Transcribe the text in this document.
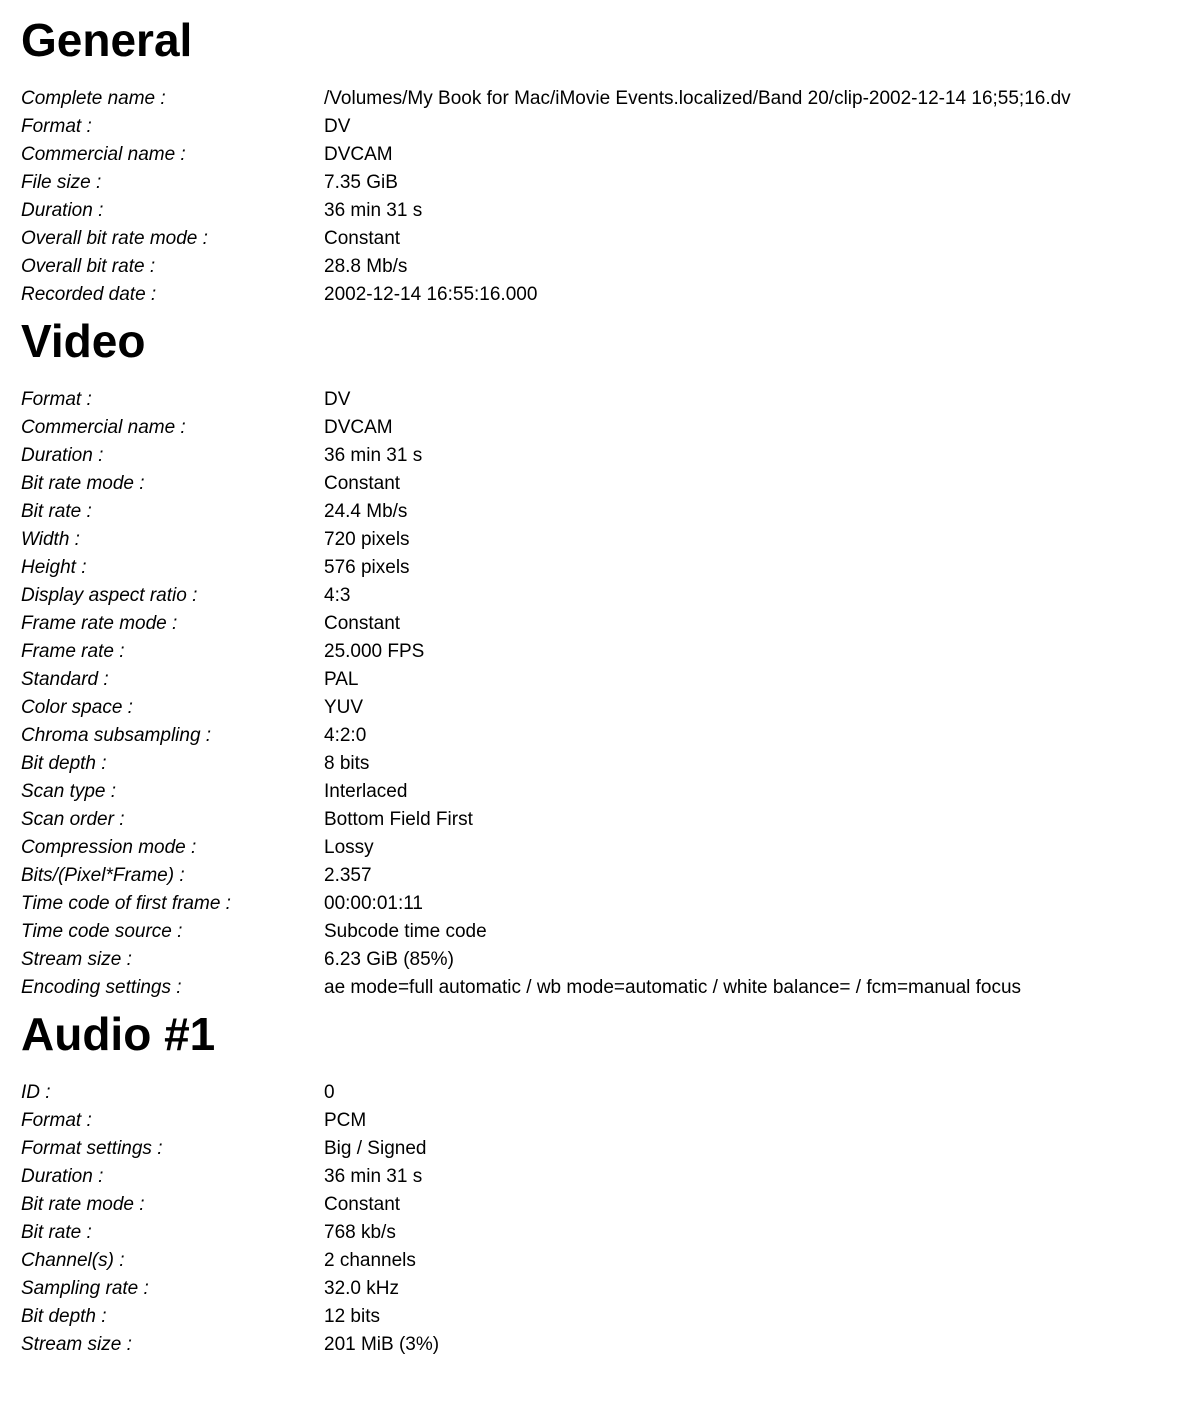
General
Complete name :	/Volumes/My Book for Mac/iMovie Events.localized/Band 20/clip-2002-12-14 16;55;16.dv
Format :	DV
Commercial name :	DVCAM
File size :	7.35 GiB
Duration :	36 min 31 s
Overall bit rate mode :	Constant
Overall bit rate :	28.8 Mb/s
Recorded date :	2002-12-14 16:55:16.000
Video
Format :	DV
Commercial name :	DVCAM
Duration :	36 min 31 s
Bit rate mode :	Constant
Bit rate :	24.4 Mb/s
Width :	720 pixels
Height :	576 pixels
Display aspect ratio :	4:3
Frame rate mode :	Constant
Frame rate :	25.000 FPS
Standard :	PAL
Color space :	YUV
Chroma subsampling :	4:2:0
Bit depth :	8 bits
Scan type :	Interlaced
Scan order :	Bottom Field First
Compression mode :	Lossy
Bits/(Pixel*Frame) :	2.357
Time code of first frame :	00:00:01:11
Time code source :	Subcode time code
Stream size :	6.23 GiB (85%)
Encoding settings :	ae mode=full automatic / wb mode=automatic / white balance= / fcm=manual focus
Audio #1
ID :	0
Format :	PCM
Format settings :	Big / Signed
Duration :	36 min 31 s
Bit rate mode :	Constant
Bit rate :	768 kb/s
Channel(s) :	2 channels
Sampling rate :	32.0 kHz
Bit depth :	12 bits
Stream size :	201 MiB (3%)
